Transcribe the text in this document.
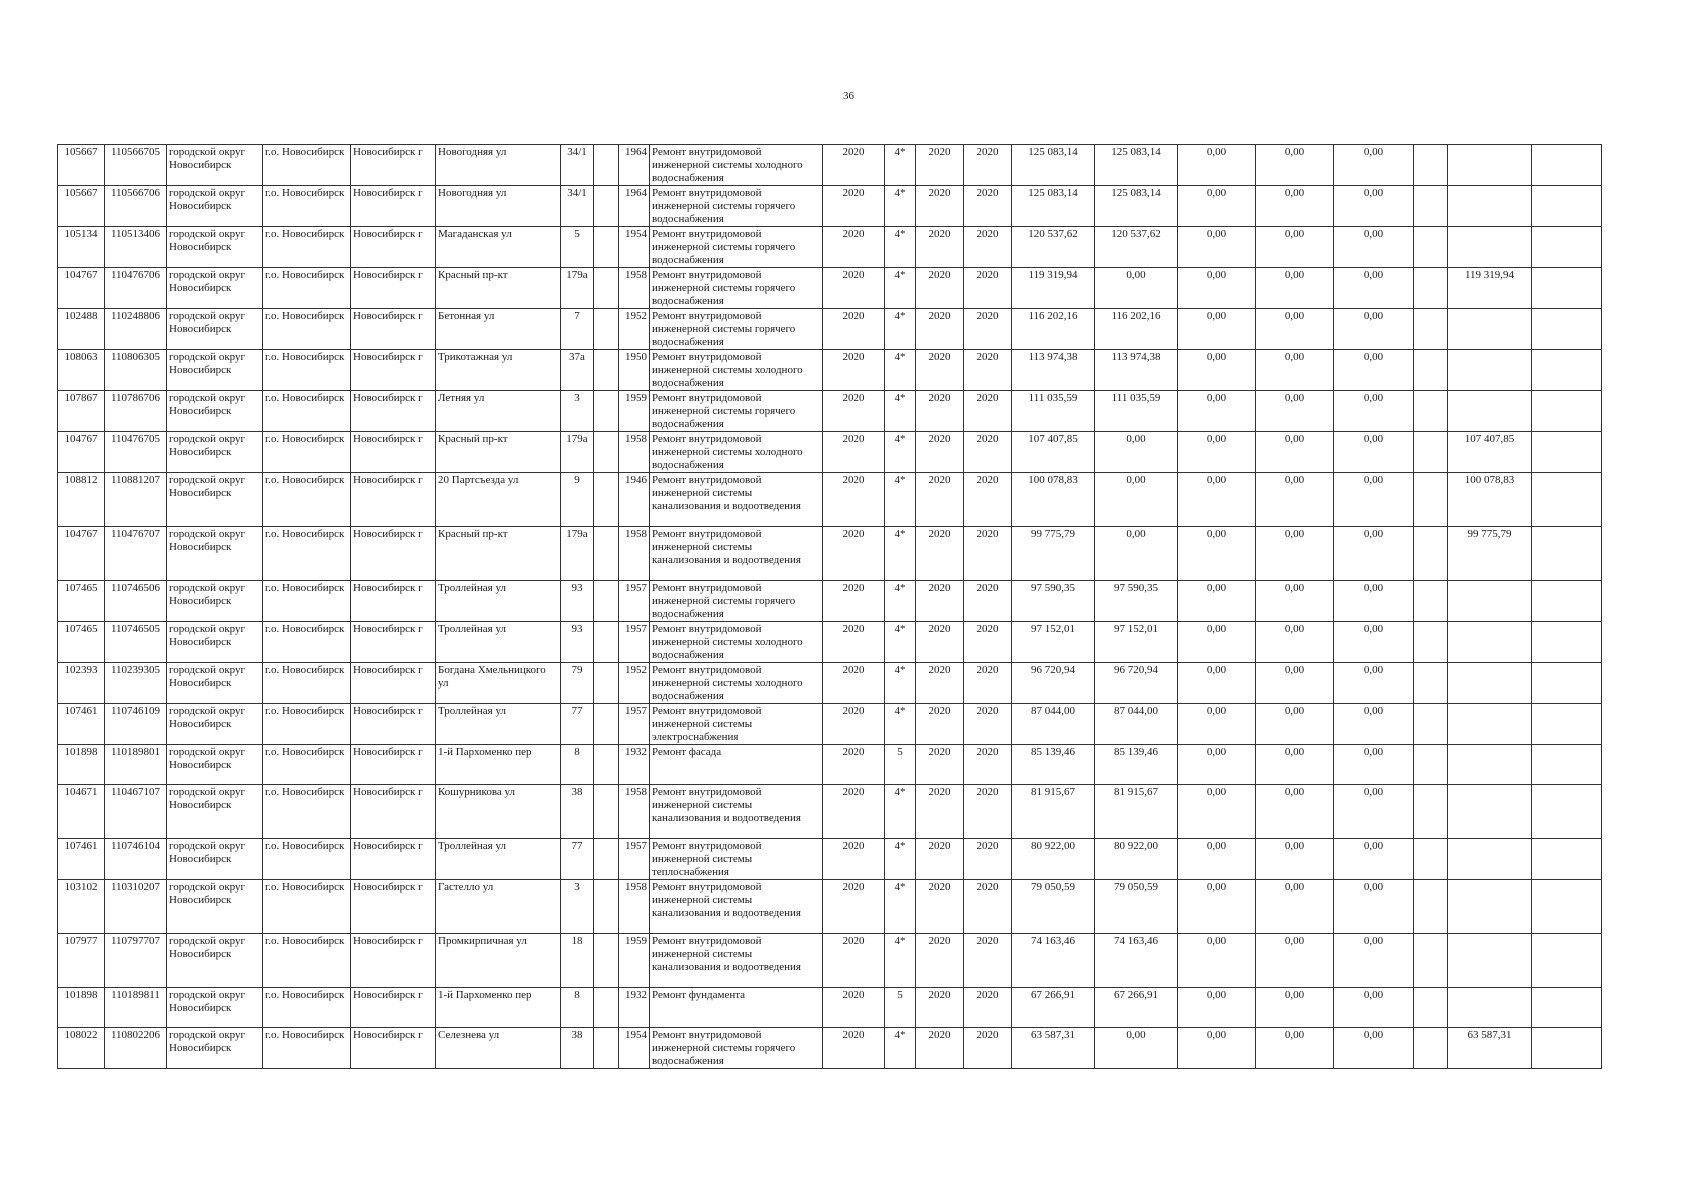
36
105667	110566705	городской округ Новосибирск	г.о. Новосибирск	Новосибирск г	Новогодняя ул	34/1		1964	Ремонт внутридомовой инженерной системы холодного водоснабжения	2020	4*	2020	2020	125 083,14	125 083,14	0,00	0,00	0,00			
105667	110566706	городской округ Новосибирск	г.о. Новосибирск	Новосибирск г	Новогодняя ул	34/1		1964	Ремонт внутридомовой инженерной системы горячего водоснабжения	2020	4*	2020	2020	125 083,14	125 083,14	0,00	0,00	0,00			
105134	110513406	городской округ Новосибирск	г.о. Новосибирск	Новосибирск г	Магаданская ул	5		1954	Ремонт внутридомовой инженерной системы горячего водоснабжения	2020	4*	2020	2020	120 537,62	120 537,62	0,00	0,00	0,00			
104767	110476706	городской округ Новосибирск	г.о. Новосибирск	Новосибирск г	Красный пр-кт	179а		1958	Ремонт внутридомовой инженерной системы горячего водоснабжения	2020	4*	2020	2020	119 319,94	0,00	0,00	0,00	0,00		119 319,94	
102488	110248806	городской округ Новосибирск	г.о. Новосибирск	Новосибирск г	Бетонная ул	7		1952	Ремонт внутридомовой инженерной системы горячего водоснабжения	2020	4*	2020	2020	116 202,16	116 202,16	0,00	0,00	0,00			
108063	110806305	городской округ Новосибирск	г.о. Новосибирск	Новосибирск г	Трикотажная ул	37а		1950	Ремонт внутридомовой инженерной системы холодного водоснабжения	2020	4*	2020	2020	113 974,38	113 974,38	0,00	0,00	0,00			
107867	110786706	городской округ Новосибирск	г.о. Новосибирск	Новосибирск г	Летняя ул	3		1959	Ремонт внутридомовой инженерной системы горячего водоснабжения	2020	4*	2020	2020	111 035,59	111 035,59	0,00	0,00	0,00			
104767	110476705	городской округ Новосибирск	г.о. Новосибирск	Новосибирск г	Красный пр-кт	179а		1958	Ремонт внутридомовой инженерной системы холодного водоснабжения	2020	4*	2020	2020	107 407,85	0,00	0,00	0,00	0,00		107 407,85	
108812	110881207	городской округ Новосибирск	г.о. Новосибирск	Новосибирск г	20 Партсъезда ул	9		1946	Ремонт внутридомовой инженерной системы канализования и водоотведения	2020	4*	2020	2020	100 078,83	0,00	0,00	0,00	0,00		100 078,83	
104767	110476707	городской округ Новосибирск	г.о. Новосибирск	Новосибирск г	Красный пр-кт	179а		1958	Ремонт внутридомовой инженерной системы канализования и водоотведения	2020	4*	2020	2020	99 775,79	0,00	0,00	0,00	0,00		99 775,79	
107465	110746506	городской округ Новосибирск	г.о. Новосибирск	Новосибирск г	Троллейная ул	93		1957	Ремонт внутридомовой инженерной системы горячего водоснабжения	2020	4*	2020	2020	97 590,35	97 590,35	0,00	0,00	0,00			
107465	110746505	городской округ Новосибирск	г.о. Новосибирск	Новосибирск г	Троллейная ул	93		1957	Ремонт внутридомовой инженерной системы холодного водоснабжения	2020	4*	2020	2020	97 152,01	97 152,01	0,00	0,00	0,00			
102393	110239305	городской округ Новосибирск	г.о. Новосибирск	Новосибирск г	Богдана Хмельницкого ул	79		1952	Ремонт внутридомовой инженерной системы холодного водоснабжения	2020	4*	2020	2020	96 720,94	96 720,94	0,00	0,00	0,00			
107461	110746109	городской округ Новосибирск	г.о. Новосибирск	Новосибирск г	Троллейная ул	77		1957	Ремонт внутридомовой инженерной системы электроснабжения	2020	4*	2020	2020	87 044,00	87 044,00	0,00	0,00	0,00			
101898	110189801	городской округ Новосибирск	г.о. Новосибирск	Новосибирск г	1-й Пархоменко пер	8		1932	Ремонт фасада	2020	5	2020	2020	85 139,46	85 139,46	0,00	0,00	0,00			
104671	110467107	городской округ Новосибирск	г.о. Новосибирск	Новосибирск г	Кошурникова ул	38		1958	Ремонт внутридомовой инженерной системы канализования и водоотведения	2020	4*	2020	2020	81 915,67	81 915,67	0,00	0,00	0,00			
107461	110746104	городской округ Новосибирск	г.о. Новосибирск	Новосибирск г	Троллейная ул	77		1957	Ремонт внутридомовой инженерной системы теплоснабжения	2020	4*	2020	2020	80 922,00	80 922,00	0,00	0,00	0,00			
103102	110310207	городской округ Новосибирск	г.о. Новосибирск	Новосибирск г	Гастелло ул	3		1958	Ремонт внутридомовой инженерной системы канализования и водоотведения	2020	4*	2020	2020	79 050,59	79 050,59	0,00	0,00	0,00			
107977	110797707	городской округ Новосибирск	г.о. Новосибирск	Новосибирск г	Промкирпичная ул	18		1959	Ремонт внутридомовой инженерной системы канализования и водоотведения	2020	4*	2020	2020	74 163,46	74 163,46	0,00	0,00	0,00			
101898	110189811	городской округ Новосибирск	г.о. Новосибирск	Новосибирск г	1-й Пархоменко пер	8		1932	Ремонт фундамента	2020	5	2020	2020	67 266,91	67 266,91	0,00	0,00	0,00			
108022	110802206	городской округ Новосибирск	г.о. Новосибирск	Новосибирск г	Селезнева ул	38		1954	Ремонт внутридомовой инженерной системы горячего водоснабжения	2020	4*	2020	2020	63 587,31	0,00	0,00	0,00	0,00		63 587,31	
